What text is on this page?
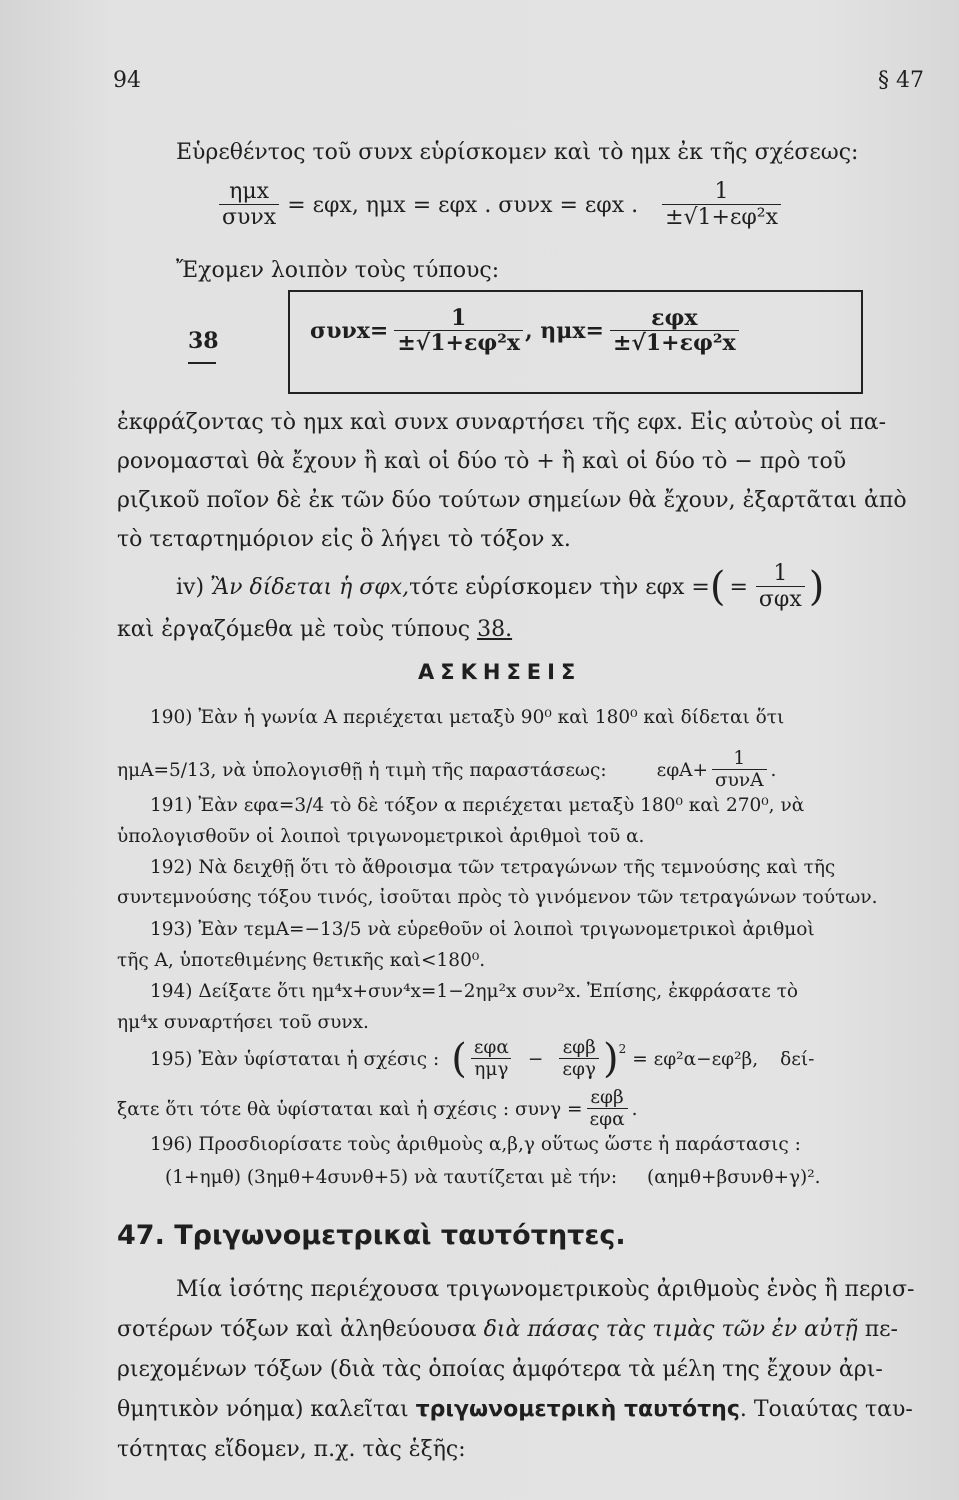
94	§ 47
Εὑρεθέντος τοῦ συνx εὑρίσκομεν καὶ τὸ ημx ἐκ τῆς σχέσεως:
$\frac{\text{ημx}}{\text{συνx}} = \varepsilon\varphi x$, ημx = εφx . συνx = εφx . $\frac{1}{\text{±√1+εφ²x}}$
Ἔχομεν λοιπὸν τοὺς τύπους:
38	$\sigma\upsilon\nu x= \frac{1}{\text{±√1+εφ²x}}$ , $\eta\mu x= \frac{\text{εφx}}{\text{±√1+εφ²x}}$
ἐκφράζοντας τὸ ημx καὶ συνx συναρτήσει τῆς εφx. Εἰς αὐτοὺς οἱ πα-
ρονομασταὶ θὰ ἔχουν ἢ καὶ οἱ δύο τὸ + ἢ καὶ οἱ δύο τὸ − πρὸ τοῦ
ριζικοῦ ποῖον δὲ ἐκ τῶν δύο τούτων σημείων θὰ ἔχουν, ἐξαρτᾶται ἀπὸ
τὸ τεταρτημόριον εἰς ὃ λήγει τὸ τόξον x.
iv) Ἂν δίδεται ἡ σφx, τότε εὑρίσκομεν τὴν εφx = ( = $\frac{1}{\text{σφx}}$ )
καὶ ἐργαζόμεθα μὲ τοὺς τύπους 38.
ΑΣΚΗΣΕΙΣ
190) Ἐὰν ἡ γωνία Α περιέχεται μεταξὺ 90⁰ καὶ 180⁰ καὶ δίδεται ὅτι
ημΑ=5/13, νὰ ὑπολογισθῇ ἡ τιμὴ τῆς παραστάσεως:	$\varepsilon\varphi A+ \frac{1}{\text{συνΑ}}$ .
191) Ἐὰν εφα=3/4 τὸ δὲ τόξον α περιέχεται μεταξὺ 180⁰ καὶ 270⁰, νὰ
ὑπολογισθοῦν οἱ λοιποὶ τριγωνομετρικοὶ ἀριθμοὶ τοῦ α.
192) Νὰ δειχθῇ ὅτι τὸ ἄθροισμα τῶν τετραγώνων τῆς τεμνούσης καὶ τῆς
συντεμνούσης τόξου τινός, ἰσοῦται πρὸς τὸ γινόμενον τῶν τετραγώνων τούτων.
193) Ἐὰν τεμΑ=−13/5 νὰ εὑρεθοῦν οἱ λοιποὶ τριγωνομετρικοὶ ἀριθμοὶ
τῆς Α, ὑποτεθιμένης θετικῆς καὶ<180⁰.
194) Δείξατε ὅτι ημ⁴x+συν⁴x=1−2ημ²x συν²x. Ἐπίσης, ἐκφράσατε τὸ
ημ⁴x συναρτήσει τοῦ συνx.
195) Ἐὰν ὑφίσταται ἡ σχέσις : ( $\frac{\text{εφα}}{\text{ημγ}} - \frac{\text{εφβ}}{\text{εφγ}} )^2 = \varepsilon\varphi^2\alpha-\varepsilon\varphi^2\beta$, δεί-
ξατε ὅτι τότε θὰ ὑφίσταται καὶ ἡ σχέσις : $\sigma\upsilon\nu\gamma = \frac{\text{εφβ}}{\text{εφα}}$ .
196) Προσδιορίσατε τοὺς ἀριθμοὺς α,β,γ οὕτως ὥστε ἡ παράστασις :
(1+ημθ) (3ημθ+4συνθ+5) νὰ ταυτίζεται μὲ τήν: (αημθ+βσυνθ+γ)².
47. Τριγωνομετρικαὶ ταυτότητες.
Μία ἰσότης περιέχουσα τριγωνομετρικοὺς ἀριθμοὺς ἑνὸς ἢ περισ-
σοτέρων τόξων καὶ ἀληθεύουσα διὰ πάσας τὰς τιμὰς τῶν ἐν αὐτῇ πε-
ριεχομένων τόξων (διὰ τὰς ὁποίας ἀμφότερα τὰ μέλη της ἔχουν ἀρι-
θμητικὸν νόημα) καλεῖται τριγωνομετρικὴ ταυτότης. Τοιαύτας ταυ-
τότητας εἴδομεν, π.χ. τὰς ἑξῆς:
